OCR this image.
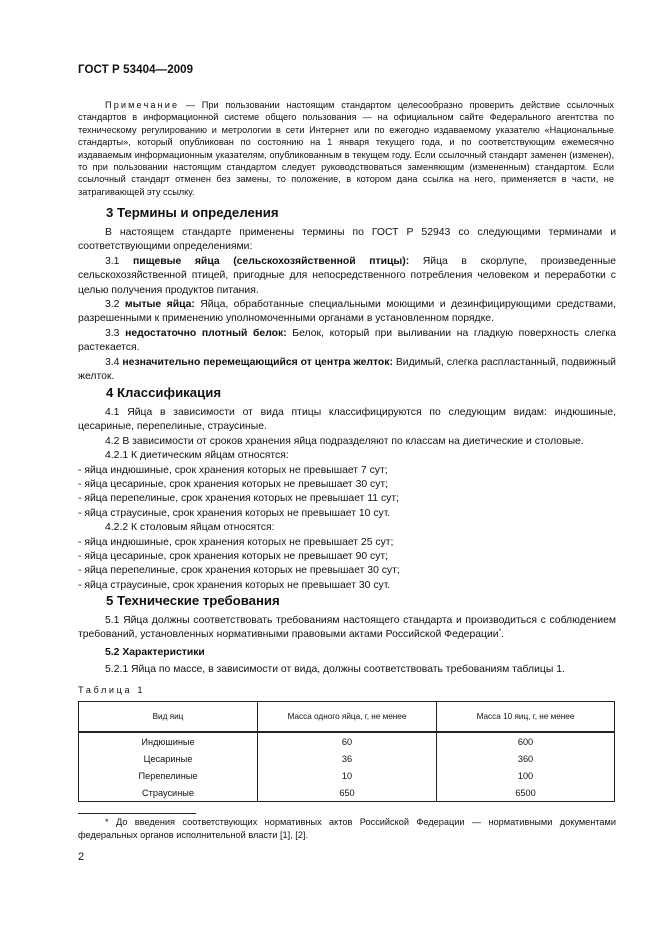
ГОСТ Р 53404—2009

Примечание — При пользовании настоящим стандартом целесообразно проверить действие ссылочных стандартов в информационной системе общего пользования — на официальном сайте Федерального агентства по техническому регулированию и метрологии в сети Интернет или по ежегодно издаваемому указателю «Национальные стандарты», который опубликован по состоянию на 1 января текущего года, и по соответствующим ежемесячно издаваемым информационным указателям, опубликованным в текущем году. Если ссылочный стандарт заменен (изменен), то при пользовании настоящим стандартом следует руководствоваться заменяющим (измененным) стандартом. Если ссылочный стандарт отменен без замены, то положение, в котором дана ссылка на него, применяется в части, не затрагивающей эту ссылку.

3 Термины и определения

В настоящем стандарте применены термины по ГОСТ Р 52943 со следующими терминами и соответствующими определениями:

3.1 пищевые яйца (сельскохозяйственной птицы): Яйца в скорлупе, произведенные сельскохозяйственной птицей, пригодные для непосредственного потребления человеком и переработки с целью получения продуктов питания.

3.2 мытые яйца: Яйца, обработанные специальными моющими и дезинфицирующими средствами, разрешенными к применению уполномоченными органами в установленном порядке.

3.3 недостаточно плотный белок: Белок, который при выливании на гладкую поверхность слегка растекается.

3.4 незначительно перемещающийся от центра желток: Видимый, слегка распластанный, подвижный желток.

4 Классификация

4.1 Яйца в зависимости от вида птицы классифицируются по следующим видам: индюшиные, цесариные, перепелиные, страусиные.

4.2 В зависимости от сроков хранения яйца подразделяют по классам на диетические и столовые.

4.2.1 К диетическим яйцам относятся:

- яйца индюшиные, срок хранения которых не превышает 7 сут;

- яйца цесариные, срок хранения которых не превышает 30 сут;

- яйца перепелиные, срок хранения которых не превышает 11 сут;

- яйца страусиные, срок хранения которых не превышает 10 сут.

4.2.2 К столовым яйцам относятся:

- яйца индюшиные, срок хранения которых не превышает 25 сут;

- яйца цесариные, срок хранения которых не превышает 90 сут;

- яйца перепелиные, срок хранения которых не превышает 30 сут;

- яйца страусиные, срок хранения которых не превышает 30 сут.

5 Технические требования

5.1 Яйца должны соответствовать требованиям настоящего стандарта и производиться с соблюдением требований, установленных нормативными правовыми актами Российской Федерации*.

5.2 Характеристики

5.2.1 Яйца по массе, в зависимости от вида, должны соответствовать требованиям таблицы 1.

Таблица 1
Вид яиц	Масса одного яйца, г, не менее	Масса 10 яиц, г, не менее
Индюшиные	60	600
Цесариные	36	360
Перепелиные	10	100
Страусиные	650	6500

* До введения соответствующих нормативных актов Российской Федерации — нормативными документами федеральных органов исполнительной власти [1], [2].

2
